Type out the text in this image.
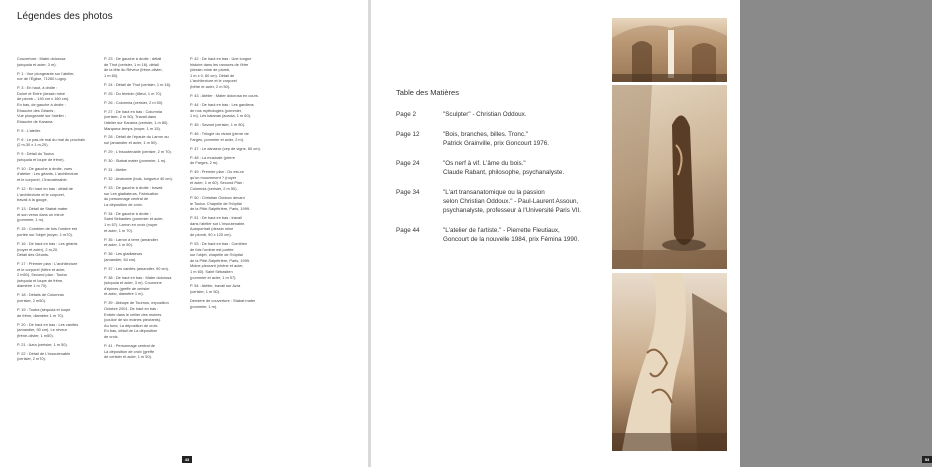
Légendes des photos

Couverture : Mater dolorosa
(séquoia et acier, 3 m).

P. 1 : Vue plongeante sur l'atelier,
rue de l'Église, 71260 Lugny.

P. 3 : En haut, à droite :
Dolori et Entre (dessin mine
de plomb – 140 cm x 160 cm).
En bas, de gauche à droite :
Ebauche des Géants ;
Vue plongeante sur l'atelier ;
Ebauche de Karama.

P. 5 : L'atelier.

P. 6 : Le pas de mal du mal du prochain
(2 m,30 x 1 m,20).

P. 9 : Détail du Touba
(séquoia et loupe de frêne).

P. 10 : De gauche à droite, vues
d'atelier : Les géants, L'architecture
et le corporel, L'insoutenable.

P. 12 : En haut en bas : détail de
L'architecture et le corporel,
travail à la gouge.

P. 13 : Détail de Stabat mater
et son verso dans un miroir
(pommier, 1 m).

P. 15 : Combien de fois l'ombre est
portée sur l'objet (noyer, 1 m70).

P. 16 : De haut en bas : Les géants
(noyer et acier), 2 m,20.
Détail des Géants.

P. 17 : Premier plan : L'architecture
et le corporel (hêtre et acier,
2 m50). Second plan : Touba
(séquoia et loupe de frêne,
diamètre 1 m 70).

P. 18 : Détails de Columnia
(cerisier, 2 m50).

P. 19 : Touba (séquoia et loupe
de frêne, diamètre 1 m 70).

P. 20 : De haut en bas : Les vanités
(amandier, 90 cm). Le réveur
(frêne-olivier, 1 m50).

P. 21 : Azra (cerisier, 1 m 50).

P. 22 : Détail de L'insoutenable
(cerisier, 2 m70).

P. 23 : De gauche à droite : détail
de Thot (cerisier, 1 m 16), détail
de la tête du Rêveur (frêne-olivier,
1 m 60).

P. 24 : Détail de Thot (cerisier, 1 m 16).

P. 25 : Du féminin (tilleul, 1 m 70).

P. 26 : Columnia (cerisier, 2 m 50).

P. 27 : De haut en bas : Columnia
(cerisier, 2 m 50). Travail dans
l'atelier sur Karama (cerisier, 1 m 80).
Marqueur-temps (noyer, 1 m 15).

P. 28 : Détail de l'épaule du Larron au
sol (amandier et acier, 1 m 50).

P. 29 : L'insoutenable (cerisier, 2 m 70).

P. 30 : Stabat mater (pommier, 1 m).

P. 31 : Atelier.

P. 32 : Anatomie (buis, longueur 40 cm).

P. 33 : De gauche à droite : travail
sur Les gladiateurs. Fabrication
du personnage central de
La déposition de croix.

P. 34 : De gauche à droite :
Saint Sébastien (pommier et acier,
1 m 57). Larron en croix (noyer
et acier, 1 m 70).

P. 35 : Larron à terre (amandier
et acier, 1 m 50).

P. 36 : Les gladiateurs
(amandier, 64 cm).

P. 37 : Les vanités (amandier, 90 cm).

P. 38 : De haut en bas : Mater dolorosa
(séquoia et acier, 3 m). Couronne
d'épines (greffe de cerisier
et acier, diamètre 1 m).

P. 39 : Abbaye de Tournus, exposition
Octobre 2001. De haut en bas :
Entrée dans le cellier des moines
(couloir de six moines pleurants).
Au fond, La déposition de croix.
En bas, détail de La déposition
de croix.

P. 41 : Personnage central de
La déposition de croix (greffe
de cerisier et acier, 1 m 50).

P. 42 : De haut en bas : Une longue
histoire dans les ramures de l'être
(dessin mine de plomb,
1 m x 0, 60 cm). Détail de
L'architecture et le corporel
(hêtre et acier, 2 m 50).

P. 43 : Atelier : Mater dolorosa en cours.

P. 44 : De haut en bas : Les gardiens
de nos mythologies (pommier,
1 m). Les katanas (acacia, 1 m 60).

P. 45 : Savant (cerisier, 1 m 80).

P. 46 : Trilogie du vivant (pierre de
Farges, pommier et acier, 2 m).

P. 47 : Le danseur (cep de vigne, 60 cm).

P. 48 : La musicale (pierre
de Farges, 2 m).

P. 49 : Premier plan : Ou est-ce
qu'un mouvement ? (noyer
et acier, 1 m 60). Second Plan :
Columnia (cerisier, 2 m 50).

P. 50 : Christian Oddoux devant
le Touba. Chapelle de l'hôpital
de la Pitié-Salpêtrière, Paris, 1999.

P. 51 : De haut en bas : travail
dans l'atelier sur L'insoutenable.
Autoportrait (dessin mine
de plomb, 90 x 120 cm).

P. 53 : De haut en bas : Combien
de fois l'ombre est portée
sur l'objet, chapelle de l'hôpital
de la Pitié-Salpêtrière, Paris, 1999.
Moine pleurant (chêne et acier,
1 m 60). Saint Sébastien
(pommier et acier, 1 m 57).

P. 54 : Atelier, travail sur Azra
(cerisier, 1 m 50).

Dernière de couverture : Stabat mater
(pommier, 1 m).

43

Table des Matières

Page 2	"Sculpter" - Christian Oddoux.
Page 12	"Bois, branches, billes. Tronc."
Patrick Grainville, prix Goncourt 1976.
Page 24	"Os nerf à vif. L'âme du bois."
Claude Rabant, philosophe, psychanalyste.
Page 34	"L'art transanatomique ou la passion
selon Christian Oddoux." - Paul-Laurent Assoun,
psychanalyste, professeur à l'Université Paris VII.
Page 44	"L'atelier de l'artiste." - Pierrette Fleutiaux,
Goncourt de la nouvelle 1984, prix Fémina 1990.
53
